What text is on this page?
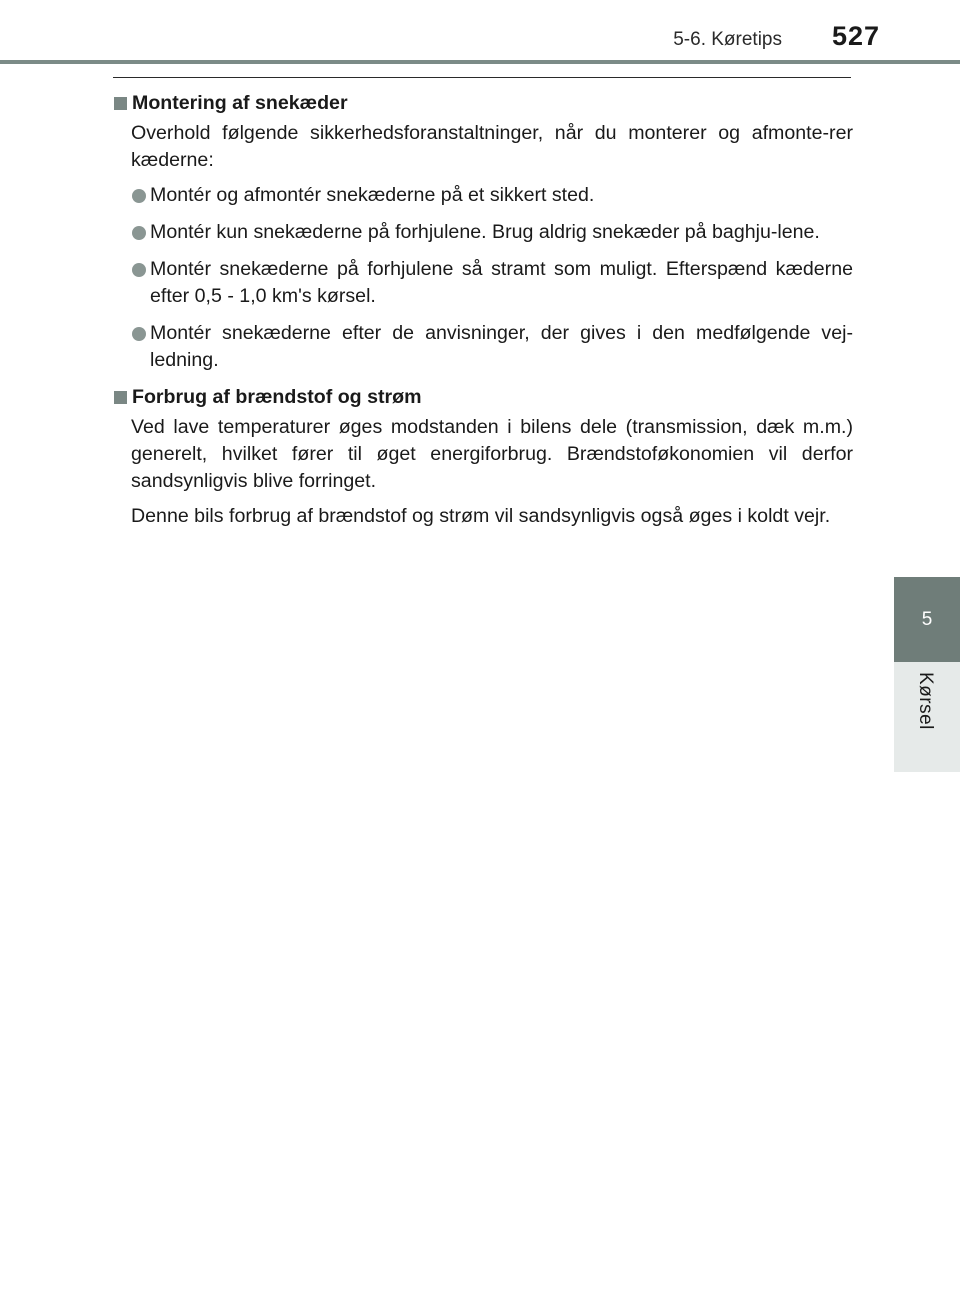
5-6. Køretips 527
5
Kørsel
Montering af snekæder
Overhold følgende sikkerhedsforanstaltninger, når du monterer og afmonte-rer kæderne:
Montér og afmontér snekæderne på et sikkert sted.
Montér kun snekæderne på forhjulene. Brug aldrig snekæder på baghju-lene.
Montér snekæderne på forhjulene så stramt som muligt. Efterspænd kæderne efter 0,5 - 1,0 km's kørsel.
Montér snekæderne efter de anvisninger, der gives i den medfølgende vej-ledning.
Forbrug af brændstof og strøm
Ved lave temperaturer øges modstanden i bilens dele (transmission, dæk m.m.) generelt, hvilket fører til øget energiforbrug. Brændstoføkonomien vil derfor sandsynligvis blive forringet.
Denne bils forbrug af brændstof og strøm vil sandsynligvis også øges i koldt vejr.
